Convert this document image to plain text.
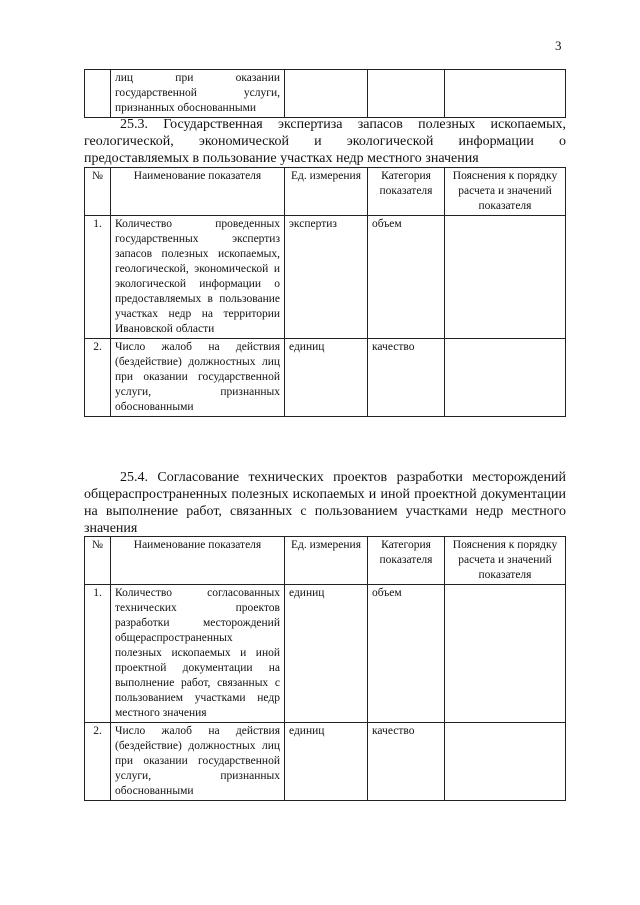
3
	лиц при оказании государственной услуги, признанных обоснованными			
25.3. Государственная экспертиза запасов полезных ископаемых, геологической, экономической и экологической информации о предоставляемых в пользование участках недр местного значения
№	Наименование показателя	Ед. измерения	Категория показателя	Пояснения к порядку расчета и значений показателя
1.	Количество проведенных государственных экспертиз запасов полезных ископаемых, геологической, экономической и экологической информации о предоставляемых в пользование участках недр на территории Ивановской области	экспертиз	объем	
2.	Число жалоб на действия (бездействие) должностных лиц при оказании государственной услуги, признанных обоснованными	единиц	качество	
25.4. Согласование технических проектов разработки месторождений общераспространенных полезных ископаемых и иной проектной документации на выполнение работ, связанных с пользованием участками недр местного значения
№	Наименование показателя	Ед. измерения	Категория показателя	Пояснения к порядку расчета и значений показателя
1.	Количество согласованных технических проектов разработки месторождений общераспространенных полезных ископаемых и иной проектной документации на выполнение работ, связанных с пользованием участками недр местного значения	единиц	объем	
2.	Число жалоб на действия (бездействие) должностных лиц при оказании государственной услуги, признанных обоснованными	единиц	качество	
